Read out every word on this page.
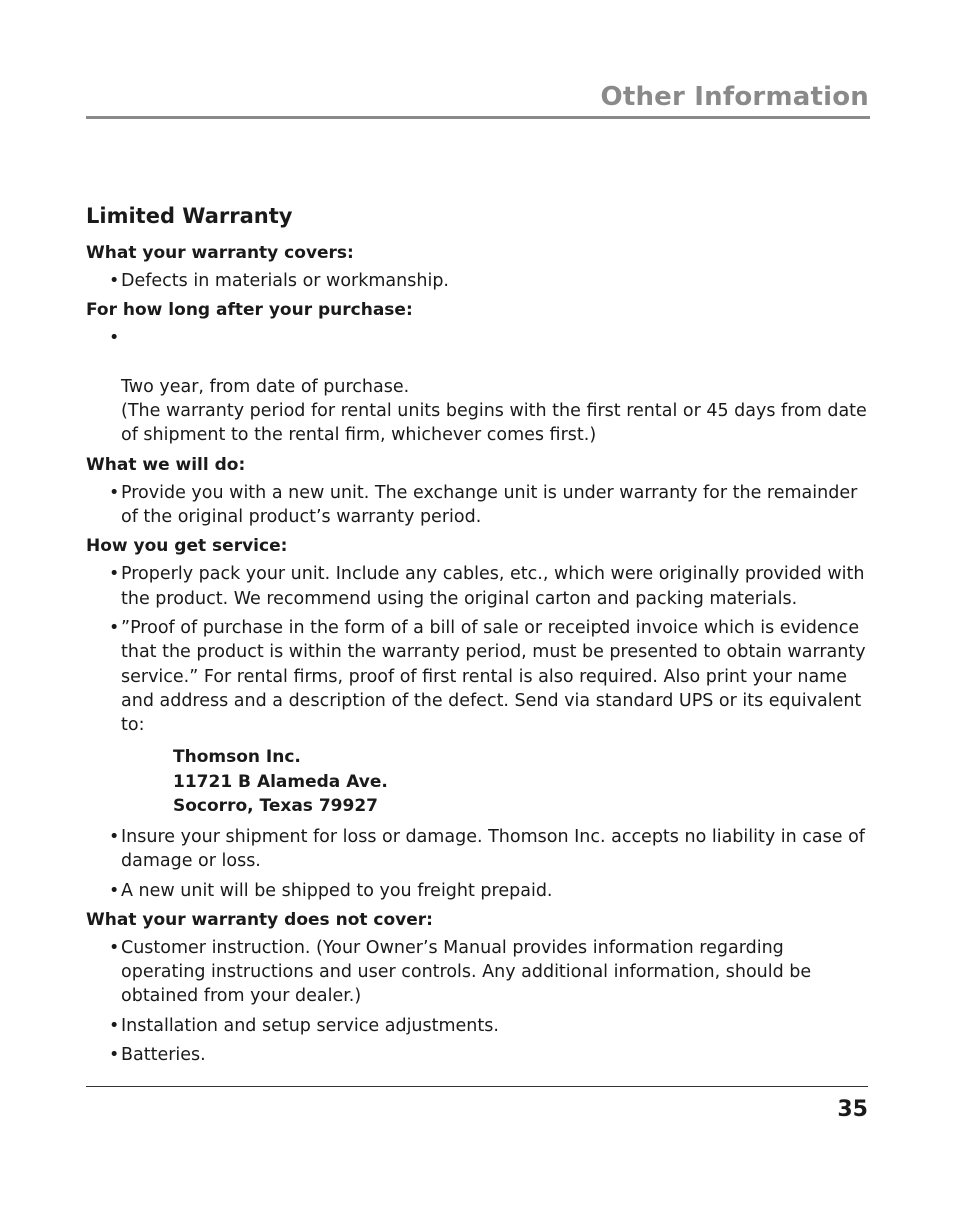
Other Information
Limited Warranty

What your warranty covers:

• Defects in materials or workmanship.

For how long after your purchase:

•

Two year, from date of purchase.
(The warranty period for rental units begins with the first rental or 45 days from date of shipment to the rental firm, whichever comes first.)

What we will do:

• Provide you with a new unit. The exchange unit is under warranty for the remainder of the original product’s warranty period.

How you get service:

• Properly pack your unit. Include any cables, etc., which were originally provided with the product. We recommend using the original carton and packing materials.
• ”Proof of purchase in the form of a bill of sale or receipted invoice which is evidence that the product is within the warranty period, must be presented to obtain warranty service.” For rental firms, proof of first rental is also required. Also print your name and address and a description of the defect. Send via standard UPS or its equivalent to:
Thomson Inc.
11721 B Alameda Ave.
Socorro, Texas 79927
• Insure your shipment for loss or damage. Thomson Inc. accepts no liability in case of damage or loss.
• A new unit will be shipped to you freight prepaid.

What your warranty does not cover:

• Customer instruction. (Your Owner’s Manual provides information regarding operating instructions and user controls. Any additional information, should be obtained from your dealer.)
• Installation and setup service adjustments.
• Batteries.
35
